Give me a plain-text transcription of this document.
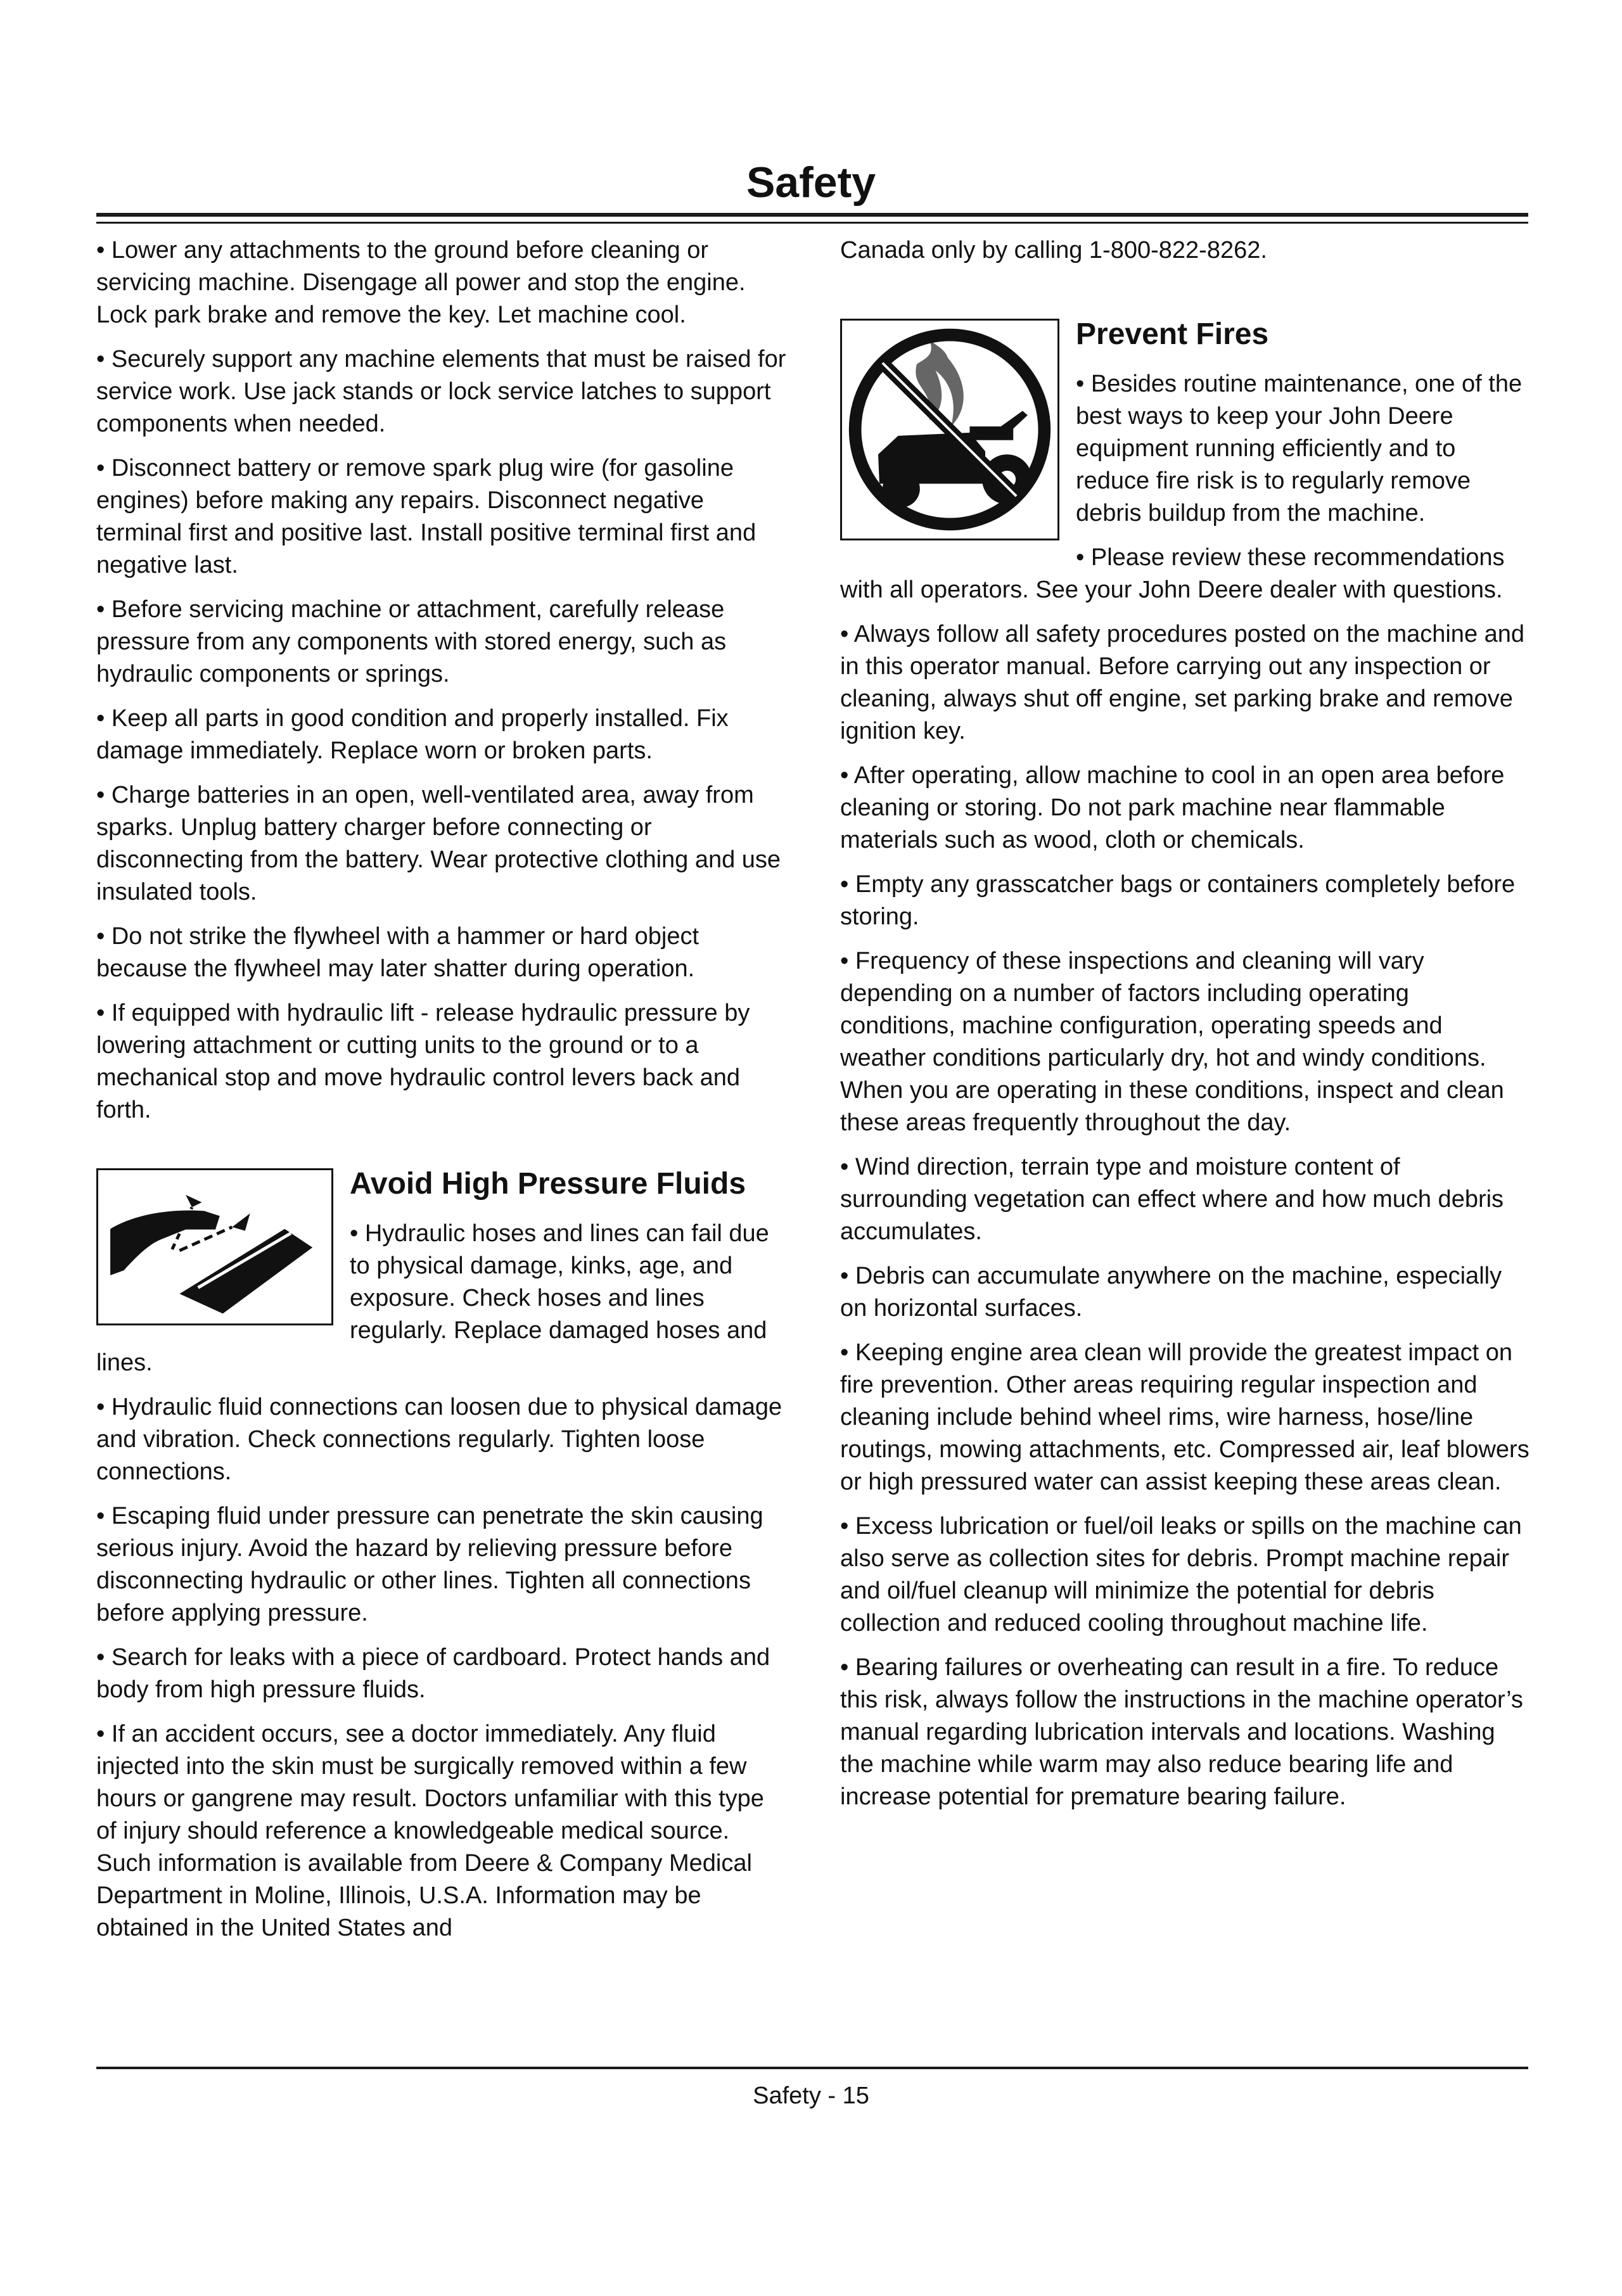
Safety

• Lower any attachments to the ground before cleaning or servicing machine. Disengage all power and stop the engine. Lock park brake and remove the key. Let machine cool.

• Securely support any machine elements that must be raised for service work. Use jack stands or lock service latches to support components when needed.

• Disconnect battery or remove spark plug wire (for gasoline engines) before making any repairs. Disconnect negative terminal first and positive last. Install positive terminal first and negative last.

• Before servicing machine or attachment, carefully release pressure from any components with stored energy, such as hydraulic components or springs.

• Keep all parts in good condition and properly installed. Fix damage immediately. Replace worn or broken parts.

• Charge batteries in an open, well-ventilated area, away from sparks. Unplug battery charger before connecting or disconnecting from the battery. Wear protective clothing and use insulated tools.

• Do not strike the flywheel with a hammer or hard object because the flywheel may later shatter during operation.

• If equipped with hydraulic lift - release hydraulic pressure by lowering attachment or cutting units to the ground or to a mechanical stop and move hydraulic control levers back and forth.

Avoid High Pressure Fluids

• Hydraulic hoses and lines can fail due to physical damage, kinks, age, and exposure. Check hoses and lines regularly. Replace damaged hoses and lines.

• Hydraulic fluid connections can loosen due to physical damage and vibration. Check connections regularly. Tighten loose connections.

• Escaping fluid under pressure can penetrate the skin causing serious injury. Avoid the hazard by relieving pressure before disconnecting hydraulic or other lines. Tighten all connections before applying pressure.

• Search for leaks with a piece of cardboard. Protect hands and body from high pressure fluids.

• If an accident occurs, see a doctor immediately. Any fluid injected into the skin must be surgically removed within a few hours or gangrene may result. Doctors unfamiliar with this type of injury should reference a knowledgeable medical source. Such information is available from Deere & Company Medical Department in Moline, Illinois, U.S.A. Information may be obtained in the United States and

Canada only by calling 1-800-822-8262.

Prevent Fires

• Besides routine maintenance, one of the best ways to keep your John Deere equipment running efficiently and to reduce fire risk is to regularly remove debris buildup from the machine.

• Please review these recommendations with all operators. See your John Deere dealer with questions.

• Always follow all safety procedures posted on the machine and in this operator manual. Before carrying out any inspection or cleaning, always shut off engine, set parking brake and remove ignition key.

• After operating, allow machine to cool in an open area before cleaning or storing. Do not park machine near flammable materials such as wood, cloth or chemicals.

• Empty any grasscatcher bags or containers completely before storing.

• Frequency of these inspections and cleaning will vary depending on a number of factors including operating conditions, machine configuration, operating speeds and weather conditions particularly dry, hot and windy conditions. When you are operating in these conditions, inspect and clean these areas frequently throughout the day.

• Wind direction, terrain type and moisture content of surrounding vegetation can effect where and how much debris accumulates.

• Debris can accumulate anywhere on the machine, especially on horizontal surfaces.

• Keeping engine area clean will provide the greatest impact on fire prevention. Other areas requiring regular inspection and cleaning include behind wheel rims, wire harness, hose/line routings, mowing attachments, etc. Compressed air, leaf blowers or high pressured water can assist keeping these areas clean.

• Excess lubrication or fuel/oil leaks or spills on the machine can also serve as collection sites for debris. Prompt machine repair and oil/fuel cleanup will minimize the potential for debris collection and reduced cooling throughout machine life.

• Bearing failures or overheating can result in a fire. To reduce this risk, always follow the instructions in the machine operator’s manual regarding lubrication intervals and locations. Washing the machine while warm may also reduce bearing life and increase potential for premature bearing failure.

Safety - 15
